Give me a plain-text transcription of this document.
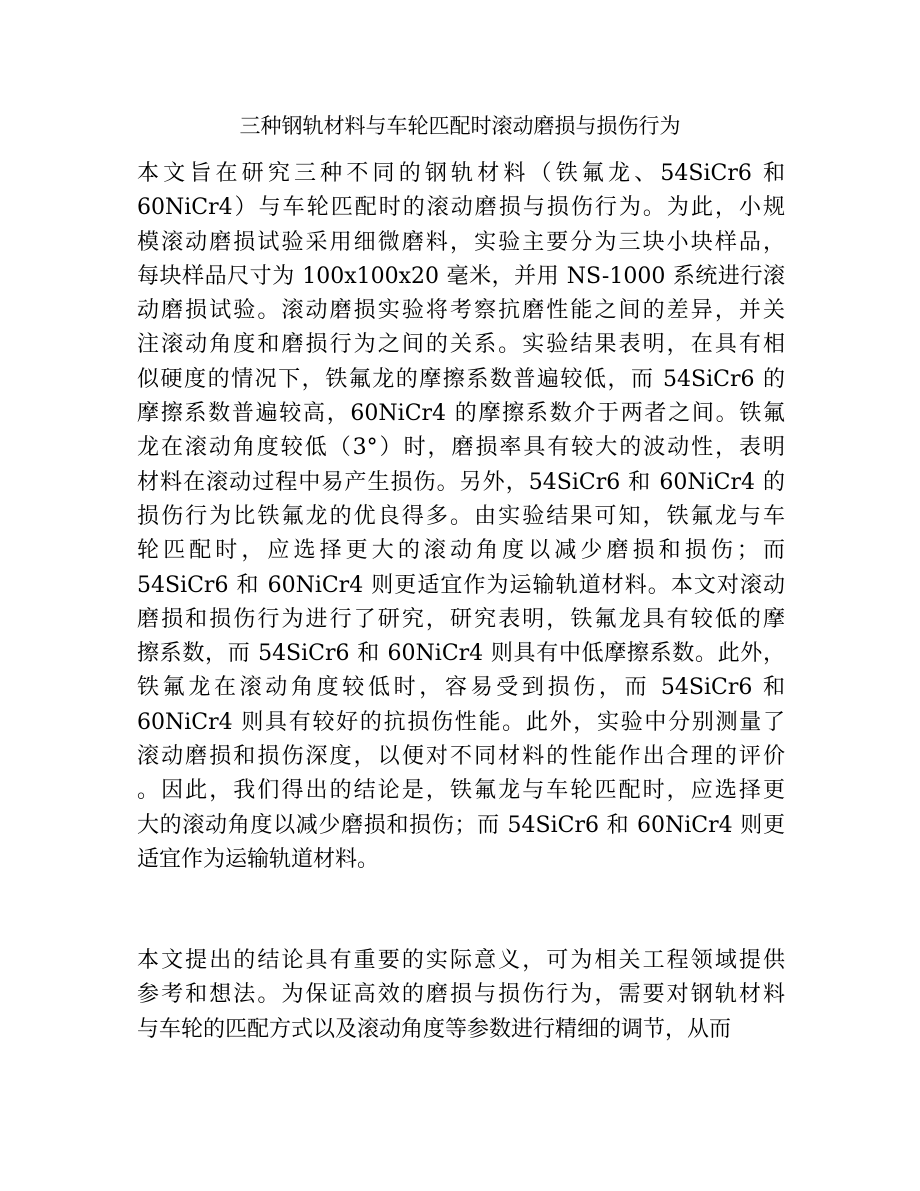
三种钢轨材料与车轮匹配时滚动磨损与损伤行为
本文旨在研究三种不同的钢轨材料（铁氟龙、54SiCr6 和
60NiCr4）与车轮匹配时的滚动磨损与损伤行为。为此，小规
模滚动磨损试验采用细微磨料，实验主要分为三块小块样品，
每块样品尺寸为 100x100x20 毫米，并用 NS-1000 系统进行滚
动磨损试验。滚动磨损实验将考察抗磨性能之间的差异，并关
注滚动角度和磨损行为之间的关系。实验结果表明，在具有相
似硬度的情况下，铁氟龙的摩擦系数普遍较低，而 54SiCr6 的
摩擦系数普遍较高，60NiCr4 的摩擦系数介于两者之间。铁氟
龙在滚动角度较低（3°）时，磨损率具有较大的波动性，表明
材料在滚动过程中易产生损伤。另外，54SiCr6 和 60NiCr4 的
损伤行为比铁氟龙的优良得多。由实验结果可知，铁氟龙与车
轮匹配时，应选择更大的滚动角度以减少磨损和损伤；而
54SiCr6 和 60NiCr4 则更适宜作为运输轨道材料。本文对滚动
磨损和损伤行为进行了研究，研究表明，铁氟龙具有较低的摩
擦系数，而 54SiCr6 和 60NiCr4 则具有中低摩擦系数。此外，
铁氟龙在滚动角度较低时，容易受到损伤，而 54SiCr6 和
60NiCr4 则具有较好的抗损伤性能。此外，实验中分别测量了
滚动磨损和损伤深度，以便对不同材料的性能作出合理的评价
。因此，我们得出的结论是，铁氟龙与车轮匹配时，应选择更
大的滚动角度以减少磨损和损伤；而 54SiCr6 和 60NiCr4 则更
适宜作为运输轨道材料。
本文提出的结论具有重要的实际意义，可为相关工程领域提供
参考和想法。为保证高效的磨损与损伤行为，需要对钢轨材料
与车轮的匹配方式以及滚动角度等参数进行精细的调节，从而
